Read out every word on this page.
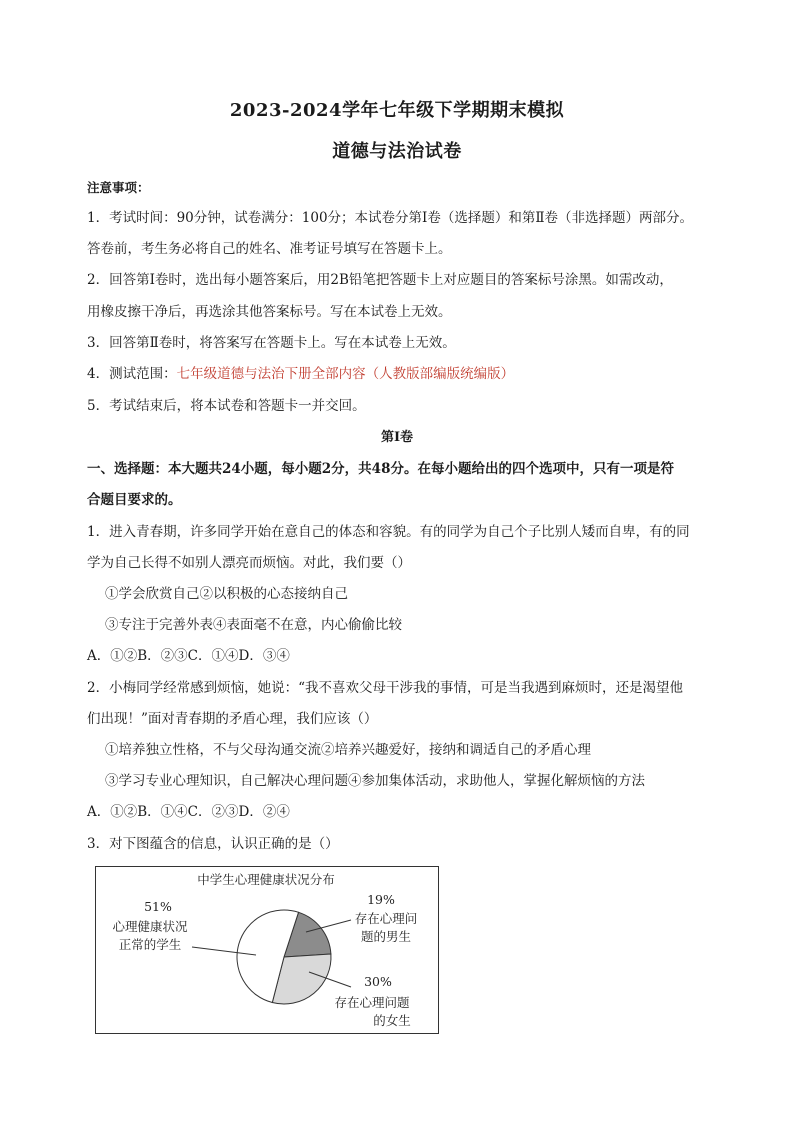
2023-2024学年七年级下学期期末模拟
道德与法治试卷
注意事项：
1．考试时间：90分钟，试卷满分：100分；本试卷分第Ⅰ卷（选择题）和第Ⅱ卷（非选择题）两部分。
答卷前，考生务必将自己的姓名、准考证号填写在答题卡上。
2．回答第Ⅰ卷时，选出每小题答案后，用2B铅笔把答题卡上对应题目的答案标号涂黑。如需改动，
用橡皮擦干净后，再选涂其他答案标号。写在本试卷上无效。
3．回答第Ⅱ卷时，将答案写在答题卡上。写在本试卷上无效。
4．测试范围：七年级道德与法治下册全部内容（人教版部编版统编版）
5．考试结束后，将本试卷和答题卡一并交回。
第Ⅰ卷
一、选择题：本大题共24小题，每小题2分，共48分。在每小题给出的四个选项中，只有一项是符
合题目要求的。
1．进入青春期，许多同学开始在意自己的体态和容貌。有的同学为自己个子比别人矮而自卑，有的同
学为自己长得不如别人漂亮而烦恼。对此，我们要（）
①学会欣赏自己②以积极的心态接纳自己
③专注于完善外表④表面毫不在意，内心偷偷比较
A．①②B．②③C．①④D．③④
2．小梅同学经常感到烦恼，她说：“我不喜欢父母干涉我的事情，可是当我遇到麻烦时，还是渴望他
们出现！”面对青春期的矛盾心理，我们应该（）
①培养独立性格，不与父母沟通交流②培养兴趣爱好，接纳和调适自己的矛盾心理
③学习专业心理知识，自己解决心理问题④参加集体活动，求助他人，掌握化解烦恼的方法
A．①②B．①④C．②③D．②④
3．对下图蕴含的信息，认识正确的是（）
中学生心理健康状况分布
51%
心理健康状况
正常的学生
19%
存在心理问
题的男生
30%
存在心理问题
的女生
